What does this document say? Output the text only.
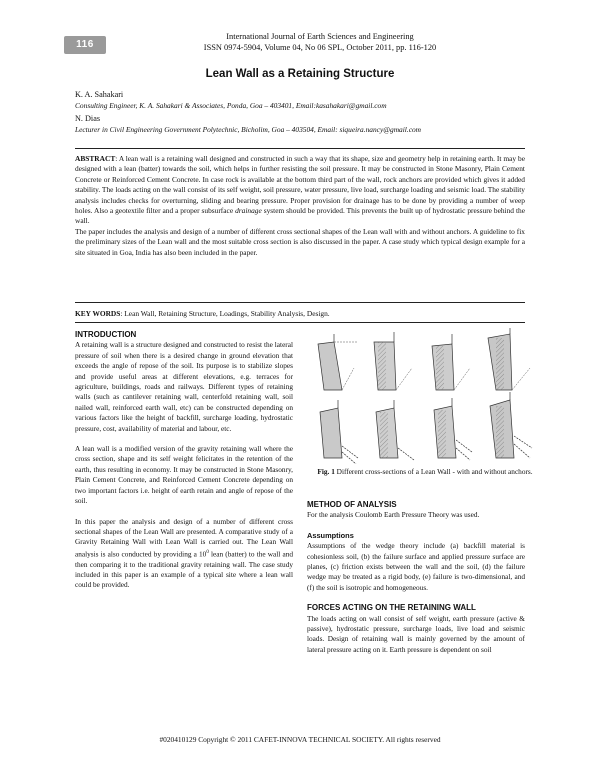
116
International Journal of Earth Sciences and Engineering
ISSN 0974-5904, Volume 04, No 06 SPL, October 2011, pp. 116-120
Lean Wall as a Retaining Structure
K. A. Sahakari
Consulting Engineer, K. A. Sahakari & Associates, Ponda, Goa – 403401, Email:kasahakari@gmail.com
N. Dias
Lecturer in Civil Engineering Government Polytechnic, Bicholim, Goa – 403504, Email: siqueira.nancy@gmail.com

ABSTRACT: A lean wall is a retaining wall designed and constructed in such a way that its shape, size and geometry help in retaining earth. It may be designed with a lean (batter) towards the soil, which helps in further resisting the soil pressure. It may be constructed in Stone Masonry, Plain Cement Concrete or Reinforced Cement Concrete. In case rock is available at the bottom third part of the wall, rock anchors are provided which gives it added stability. The loads acting on the wall consist of its self weight, soil pressure, water pressure, live load, surcharge loading and seismic load. The stability analysis includes checks for overturning, sliding and bearing pressure. Proper provision for drainage has to be done by providing a number of weep holes. Also a geotextile filter and a proper subsurface drainage system should be provided. This prevents the built up of hydrostatic pressure behind the wall.

The paper includes the analysis and design of a number of different cross sectional shapes of the Lean wall with and without anchors. A guideline to fix the preliminary sizes of the Lean wall and the most suitable cross section is also discussed in the paper. A case study which typical design example for a site situated in Goa, India has also been included in the paper.

KEY WORDS: Lean Wall, Retaining Structure, Loadings, Stability Analysis, Design.
INTRODUCTION

A retaining wall is a structure designed and constructed to resist the lateral pressure of soil when there is a desired change in ground elevation that exceeds the angle of repose of the soil. Its purpose is to stabilize slopes and provide useful areas at different elevations, e.g. terraces for agriculture, buildings, roads and railways. Different types of retaining walls (such as cantilever retaining wall, centerfold retaining wall, soil nailed wall, reinforced earth wall, etc) can be constructed depending on various factors like the height of backfill, surcharge loading, hydrostatic pressure, cost, availability of material and labour, etc.

A lean wall is a modified version of the gravity retaining wall where the cross section, shape and its self weight felicitates in the retention of the earth, thus resulting in economy. It may be constructed in Stone Masonry, Plain Cement Concrete, and Reinforced Cement Concrete depending on two important factors i.e. height of earth retain and angle of repose of the soil.

In this paper the analysis and design of a number of different cross sectional shapes of the Lean Wall are presented. A comparative study of a Gravity Retaining Wall with Lean Wall is carried out. The Lean Wall analysis is also conducted by providing a $10^0$ lean (batter) to the wall and then comparing it to the traditional gravity retaining wall. The case study included in this paper is an example of a typical site where a lean wall could be provided.

Fig. 1 Different cross-sections of a Lean Wall - with and without anchors.
METHOD OF ANALYSIS

For the analysis Coulomb Earth Pressure Theory was used.

Assumptions

Assumptions of the wedge theory include (a) backfill material is cohesionless soil, (b) the failure surface and applied pressure surface are planes, (c) friction exists between the wall and the soil, (d) the failure wedge may be treated as a rigid body, (e) failure is two-dimensional, and (f) the soil is isotropic and homogeneous.

FORCES ACTING ON THE RETAINING WALL

The loads acting on wall consist of self weight, earth pressure (active & passive), hydrostatic pressure, surcharge loads, live load and seismic loads. Design of retaining wall is mainly governed by the amount of lateral pressure acting on it. Earth pressure is dependent on soil

#020410129 Copyright © 2011 CAFET-INNOVA TECHNICAL SOCIETY. All rights reserved
